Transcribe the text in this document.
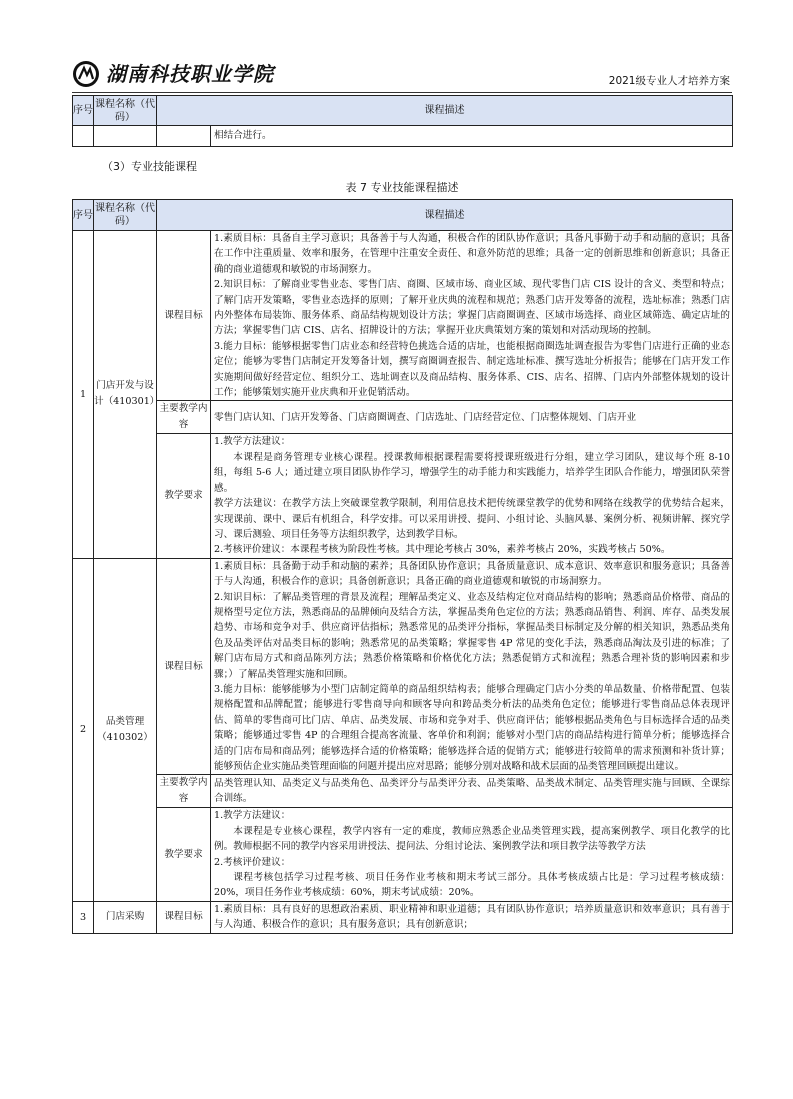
湖南科技职业学院	2021级专业人才培养方案
序号	课程名称（代码）	课程描述	
			相结合进行。
（3）专业技能课程
表 7 专业技能课程描述
序号	课程名称（代码）	课程描述	
1	门店开发与设计（410301）	课程目标	1.素质目标：具备自主学习意识；具备善于与人沟通，积极合作的团队协作意识；具备凡事勤于动手和动脑的意识；具备在工作中注重质量、效率和服务，在管理中注重安全责任、和意外防范的思维；具备一定的创新思维和创新意识；具备正确的商业道德观和敏锐的市场洞察力。
2.知识目标：了解商业零售业态、零售门店、商圈、区域市场、商业区域、现代零售门店 CIS 设计的含义、类型和特点；了解门店开发策略，零售业态选择的原则；了解开业庆典的流程和规范；熟悉门店开发筹备的流程，选址标准；熟悉门店内外整体布局装饰、服务体系、商品结构规划设计方法；掌握门店商圈调查、区域市场选择、商业区域筛选、确定店址的方法；掌握零售门店 CIS、店名、招牌设计的方法；掌握开业庆典策划方案的策划和对活动现场的控制。
3.能力目标：能够根据零售门店业态和经营特色挑选合适的店址，也能根据商圈选址调查报告为零售门店进行正确的业态定位；能够为零售门店制定开发筹备计划，撰写商圈调查报告、制定选址标准、撰写选址分析报告；能够在门店开发工作实施期间做好经营定位、组织分工、选址调查以及商品结构、服务体系、CIS、店名、招牌、门店内外部整体规划的设计工作；能够策划实施开业庆典和开业促销活动。

		主要教学内容	零售门店认知、门店开发筹备、门店商圈调查、门店选址、门店经营定位、门店整体规划、门店开业

		教学要求	1.教学方法建议：
本课程是商务管理专业核心课程。授课教师根据课程需要将授课班级进行分组，建立学习团队，建议每个班 8-10 组，每组 5-6 人；通过建立项目团队协作学习，增强学生的动手能力和实践能力，培养学生团队合作能力，增强团队荣誉感。
教学方法建议：在教学方法上突破课堂教学限制，利用信息技术把传统课堂教学的优势和网络在线教学的优势结合起来，实现课前、课中、课后有机组合，科学安排。可以采用讲授、提问、小组讨论、头脑风暴、案例分析、视频讲解、探究学习、课后测验、项目任务等方法组织教学，达到教学目标。
2.考核评价建议：本课程考核为阶段性考核。其中理论考核占 30%，素养考核占 20%，实践考核占 50%。

2	品类管理（410302）	课程目标	1.素质目标：具备勤于动手和动脑的素养；具备团队协作意识；具备质量意识、成本意识、效率意识和服务意识；具备善于与人沟通，积极合作的意识；具备创新意识；具备正确的商业道德观和敏锐的市场洞察力。
2.知识目标：了解品类管理的背景及流程；理解品类定义、业态及结构定位对商品结构的影响；熟悉商品价格带、商品的规格型号定位方法，熟悉商品的品牌倾向及结合方法，掌握品类角色定位的方法；熟悉商品销售、利润、库存、品类发展趋势、市场和竞争对手、供应商评估指标；熟悉常见的品类评分指标，掌握品类目标制定及分解的相关知识，熟悉品类角色及品类评估对品类目标的影响；熟悉常见的品类策略；掌握零售 4P 常见的变化手法，熟悉商品淘汰及引进的标准；了解门店布局方式和商品陈列方法；熟悉价格策略和价格优化方法；熟悉促销方式和流程；熟悉合理补货的影响因素和步骤；）了解品类管理实施和回顾。
3.能力目标：能够能够为小型门店制定简单的商品组织结构表；能够合理确定门店小分类的单品数量、价格带配置、包装规格配置和品牌配置；能够进行零售商导向和顾客导向和跨品类分析法的品类角色定位；能够进行零售商品总体表现评估、简单的零售商可比门店、单店、品类发展、市场和竞争对手、供应商评估；能够根据品类角色与目标选择合适的品类策略；能够通过零售 4P 的合理组合提高客流量、客单价和利润；能够对小型门店的商品结构进行简单分析；能够选择合适的门店布局和商品列；能够选择合适的价格策略；能够选择合适的促销方式；能够进行较简单的需求预测和补货计算；能够预估企业实施品类管理面临的问题并提出应对思路；能够分别对战略和战术层面的品类管理回顾提出建议。

		主要教学内容	品类管理认知、品类定义与品类角色、品类评分与品类评分表、品类策略、品类战术制定、品类管理实施与回顾、全课综合训练。

		教学要求	1.教学方法建议：
本课程是专业核心课程，教学内容有一定的难度，教师应熟悉企业品类管理实践，提高案例教学、项目化教学的比例。教师根据不同的教学内容采用讲授法、提问法、分组讨论法、案例教学法和项目教学法等教学方法
2.考核评价建议：
课程考核包括学习过程考核、项目任务作业考核和期末考试三部分。具体考核成绩占比是：学习过程考核成绩：20%，项目任务作业考核成绩：60%，期末考试成绩：20%。

3	门店采购	课程目标	1.素质目标：具有良好的思想政治素质、职业精神和职业道德；具有团队协作意识；培养质量意识和效率意识；具有善于与人沟通、积极合作的意识；具有服务意识；具有创新意识；
